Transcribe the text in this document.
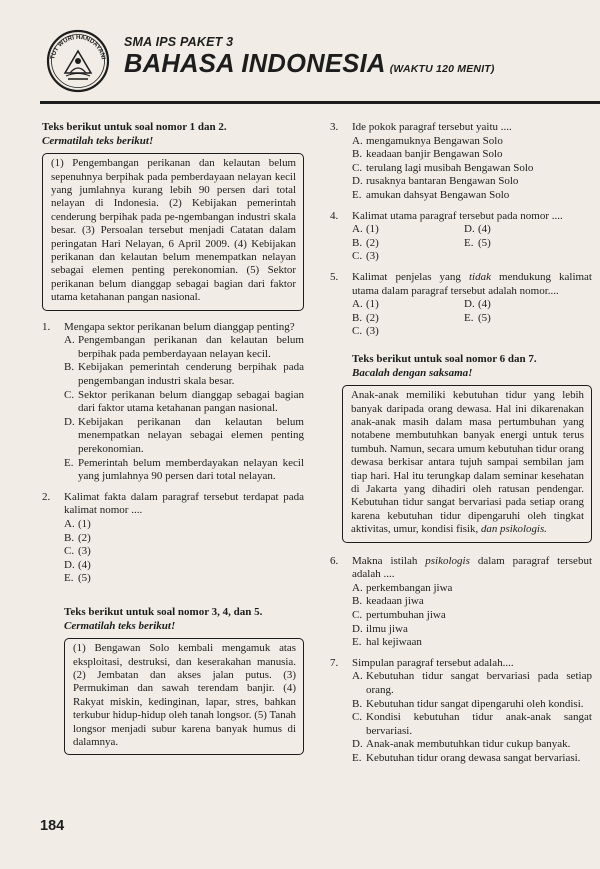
TUT WURI HANDAYANI
SMA IPS PAKET 3
BAHASA INDONESIA (WAKTU 120 MENIT)

Teks berikut untuk soal nomor 1 dan 2.

Cermatilah teks berikut!

(1) Pengembangan perikanan dan kelautan belum sepenuhnya berpihak pada pemberdayaan nelayan kecil yang jumlahnya kurang lebih 90 persen dari total nelayan di Indonesia. (2) Kebijakan pemerintah cenderung berpihak pada pe-ngembangan industri skala besar. (3) Persoalan tersebut menjadi Catatan dalam peringatan Hari Nelayan, 6 April 2009. (4) Kebijakan perikanan dan kelautan belum menempatkan nelayan sebagai elemen penting perekonomian. (5) Sektor perikanan belum dianggap sebagai bagian dari faktor utama ketahanan pangan nasional.
1. Mengapa sektor perikanan belum dianggap penting?
A. Pengembangan perikanan dan kelautan belum berpihak pada pemberdayaan nelayan kecil.
B. Kebijakan pemerintah cenderung berpihak pada pengembangan industri skala besar.
C. Sektor perikanan belum dianggap sebagai bagian dari faktor utama ketahanan pangan nasional.
D. Kebijakan perikanan dan kelautan belum menempatkan nelayan sebagai elemen penting perekonomian.
E. Pemerintah belum memberdayakan nelayan kecil yang jumlahnya 90 persen dari total nelayan.
2. Kalimat fakta dalam paragraf tersebut terdapat pada kalimat nomor ....
A. (1)
B. (2)
C. (3)
D. (4)
E. (5)

Teks berikut untuk soal nomor 3, 4, dan 5.

Cermatilah teks berikut!

(1) Bengawan Solo kembali mengamuk atas eksploitasi, destruksi, dan keserakahan manusia. (2) Jembatan dan akses jalan putus. (3) Permukiman dan sawah terendam banjir. (4) Rakyat miskin, kedinginan, lapar, stres, bahkan terkubur hidup-hidup oleh tanah longsor. (5) Tanah longsor menjadi subur karena banyak humus di dalamnya.
3. Ide pokok paragraf tersebut yaitu ....
A. mengamuknya Bengawan Solo
B. keadaan banjir Bengawan Solo
C. terulang lagi musibah Bengawan Solo
D. rusaknya bantaran Bengawan Solo
E. amukan dahsyat Bengawan Solo
4. Kalimat utama paragraf tersebut pada nomor ....
A. (1)	D. (4)
B. (2)	E. (5)
C. (3)
5. Kalimat penjelas yang tidak mendukung kalimat utama dalam paragraf tersebut adalah nomor....
A. (1)	D. (4)
B. (2)	E. (5)
C. (3)

Teks berikut untuk soal nomor 6 dan 7.

Bacalah dengan saksama!

Anak-anak memiliki kebutuhan tidur yang lebih banyak daripada orang dewasa. Hal ini dikarenakan anak-anak masih dalam masa pertumbuhan yang notabene membutuhkan banyak energi untuk terus tumbuh. Namun, secara umum kebutuhan tidur orang dewasa berkisar antara tujuh sampai sembilan jam tiap hari. Hal itu terungkap dalam seminar kesehatan di Jakarta yang dihadiri oleh ratusan pendengar. Kebutuhan tidur sangat bervariasi pada setiap orang karena kebutuhan tidur dipengaruhi oleh tingkat aktivitas, umur, kondisi fisik, dan psikologis.
6. Makna istilah psikologis dalam paragraf tersebut adalah ....
A. perkembangan jiwa
B. keadaan jiwa
C. pertumbuhan jiwa
D. ilmu jiwa
E. hal kejiwaan
7. Simpulan paragraf tersebut adalah....
A. Kebutuhan tidur sangat bervariasi pada setiap orang.
B. Kebutuhan tidur sangat dipengaruhi oleh kondisi.
C. Kondisi kebutuhan tidur anak-anak sangat bervariasi.
D. Anak-anak membutuhkan tidur cukup banyak.
E. Kebutuhan tidur orang dewasa sangat bervariasi.
184
